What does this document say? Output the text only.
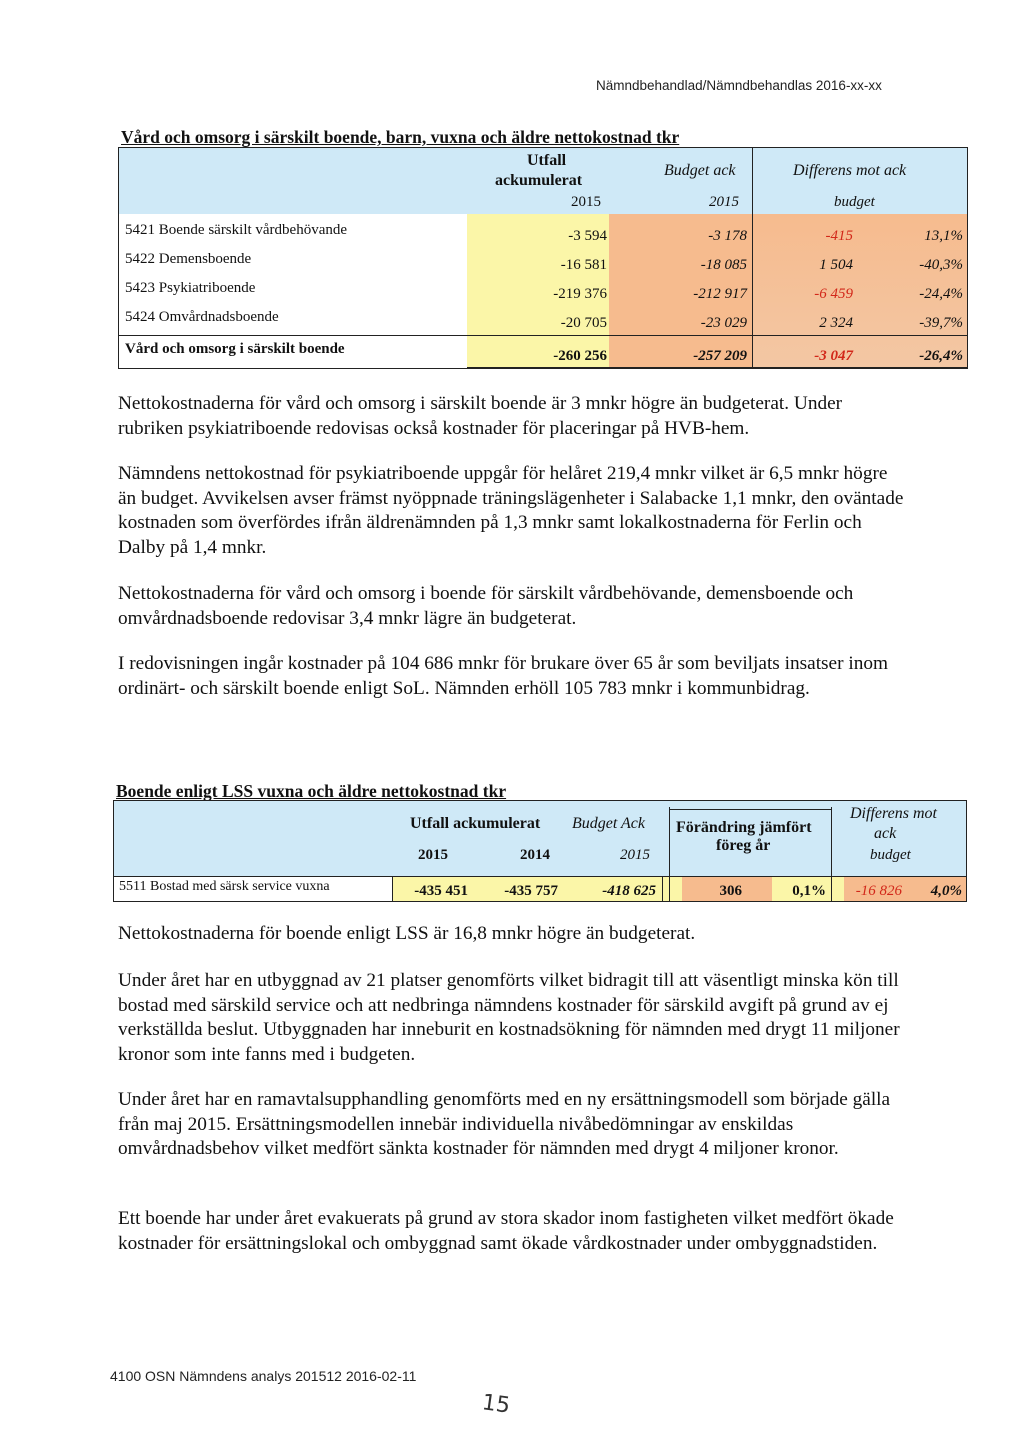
Nämndbehandlad/Nämndbehandlas 2016-xx-xx
Vård och omsorg i särskilt boende, barn, vuxna och äldre nettokostnad tkr
Utfall
ackumulerat
2015
Budget ack
2015
Differens mot ack
budget
5421 Boende särskilt vårdbehövande	-3 594	-3 178	-415	13,1%
5422 Demensboende	-16 581	-18 085	1 504	-40,3%
5423 Psykiatriboende	-219 376	-212 917	-6 459	-24,4%
5424 Omvårdnadsboende	-20 705	-23 029	2 324	-39,7%
Vård och omsorg i särskilt boende	-260 256	-257 209	-3 047	-26,4%
Nettokostnaderna för vård och omsorg i särskilt boende är 3 mnkr högre än budgeterat. Under rubriken psykiatriboende redovisas också kostnader för placeringar på HVB-hem.
Nämndens nettokostnad för psykiatriboende uppgår för helåret 219,4 mnkr vilket är 6,5 mnkr högre än budget. Avvikelsen avser främst nyöppnade träningslägenheter i Salabacke 1,1 mnkr, den oväntade kostnaden som överfördes ifrån äldrenämnden på 1,3 mnkr samt lokalkostnaderna för Ferlin och Dalby på 1,4 mnkr.
Nettokostnaderna för vård och omsorg i boende för särskilt vårdbehövande, demensboende och omvårdnadsboende redovisar 3,4 mnkr lägre än budgeterat.
I redovisningen ingår kostnader på 104 686 mnkr för brukare över 65 år som beviljats insatser inom ordinärt- och särskilt boende enligt SoL. Nämnden erhöll 105 783 mnkr i kommunbidrag.
Boende enligt LSS vuxna och äldre nettokostnad tkr
Utfall ackumulerat
2015	2014
Budget Ack
2015
Förändring jämfört
föreg år
Differens mot
ack
budget
5511 Bostad med särsk service vuxna	-435 451	-435 757	-418 625	306	0,1%	-16 826	4,0%
Nettokostnaderna för boende enligt LSS är 16,8 mnkr högre än budgeterat.
Under året har en utbyggnad av 21 platser genomförts vilket bidragit till att väsentligt minska kön till bostad med särskild service och att nedbringa nämndens kostnader för särskild avgift på grund av ej verkställda beslut. Utbyggnaden har inneburit en kostnadsökning för nämnden med drygt 11 miljoner kronor som inte fanns med i budgeten.
Under året har en ramavtalsupphandling genomförts med en ny ersättningsmodell som började gälla från maj 2015. Ersättningsmodellen innebär individuella nivåbedömningar av enskildas omvårdnadsbehov vilket medfört sänkta kostnader för nämnden med drygt 4 miljoner kronor.
Ett boende har under året evakuerats på grund av stora skador inom fastigheten vilket medfört ökade kostnader för ersättningslokal och ombyggnad samt ökade vårdkostnader under ombyggnadstiden.
4100 OSN Nämndens analys 201512 2016-02-11
15
